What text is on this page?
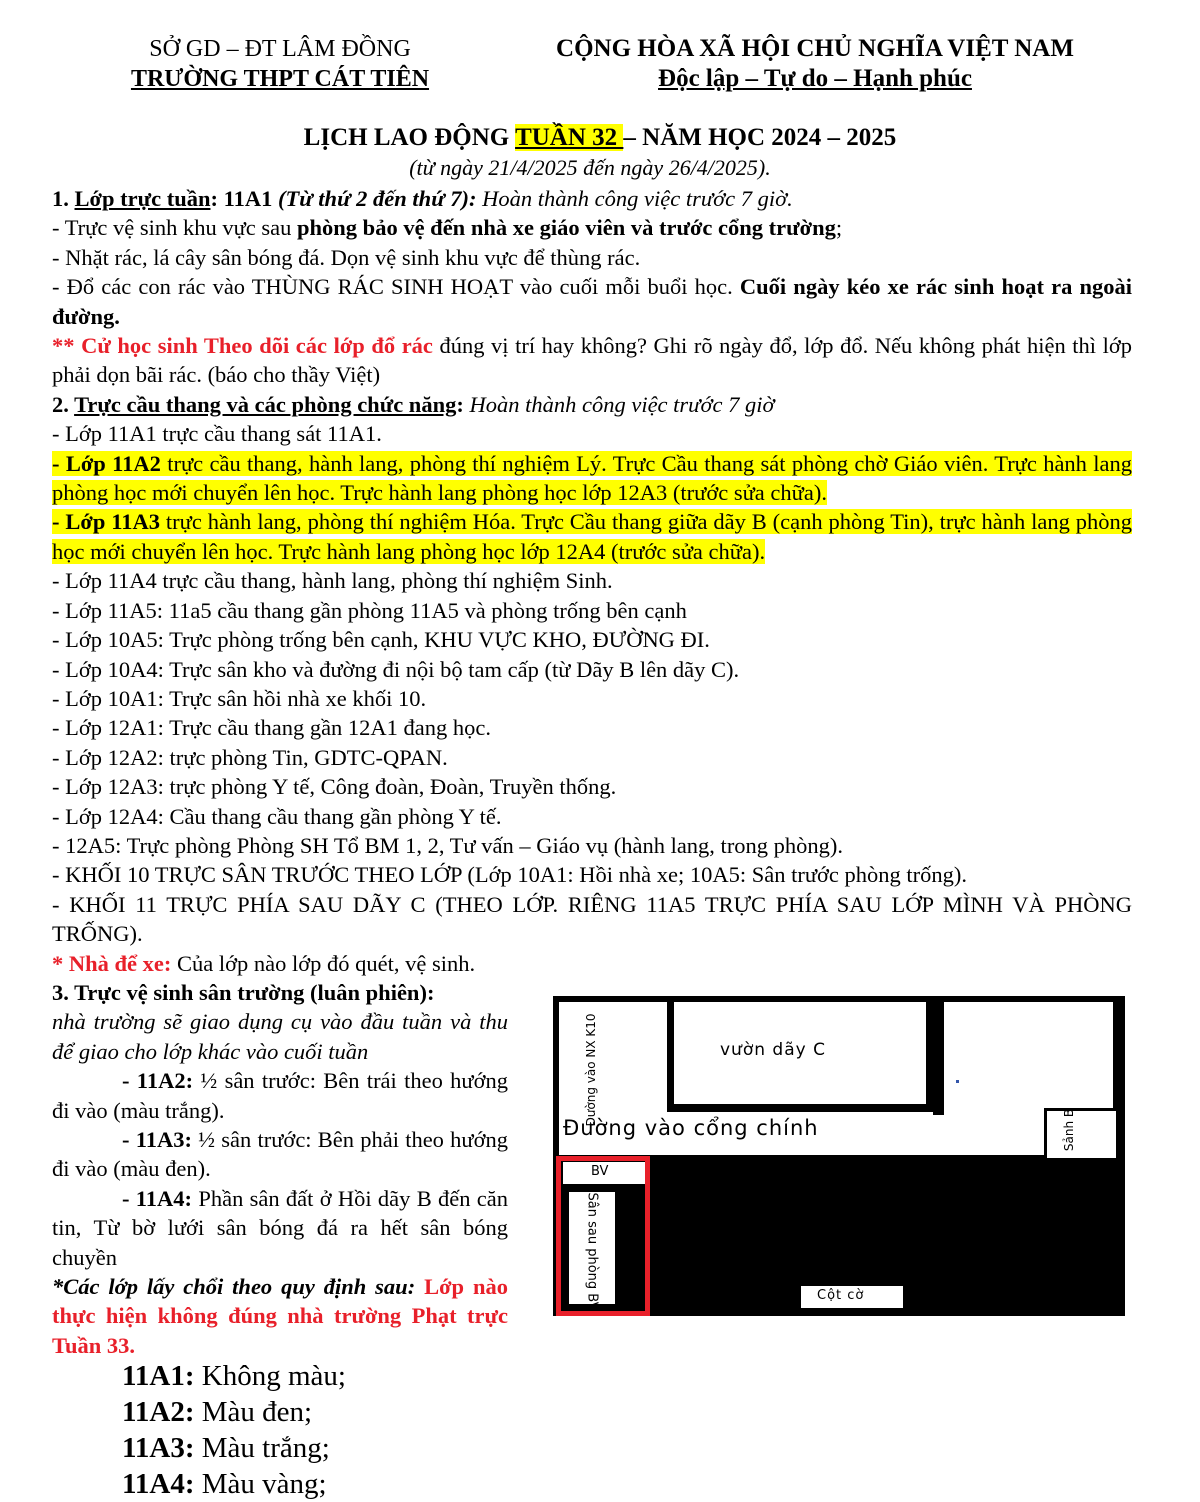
SỞ GD – ĐT LÂM ĐỒNG
TRƯỜNG THPT CÁT TIÊN
CỘNG HÒA XÃ HỘI CHỦ NGHĨA VIỆT NAM
Độc lập – Tự do – Hạnh phúc
LỊCH LAO ĐỘNG TUẦN 32 – NĂM HỌC 2024 – 2025
(từ ngày 21/4/2025 đến ngày 26/4/2025).
1. Lớp trực tuần: 11A1 (Từ thứ 2 đến thứ 7): Hoàn thành công việc trước 7 giờ.
- Trực vệ sinh khu vực sau phòng bảo vệ đến nhà xe giáo viên và trước cổng trường;
- Nhặt rác, lá cây sân bóng đá. Dọn vệ sinh khu vực để thùng rác.
- Đổ các con rác vào THÙNG RÁC SINH HOẠT vào cuối mỗi buổi học. Cuối ngày kéo xe rác sinh hoạt ra ngoài đường.
** Cử học sinh Theo dõi các lớp đổ rác đúng vị trí hay không? Ghi rõ ngày đổ, lớp đổ. Nếu không phát hiện thì lớp phải dọn bãi rác. (báo cho thầy Việt)
2. Trực cầu thang và các phòng chức năng: Hoàn thành công việc trước 7 giờ
- Lớp 11A1 trực cầu thang sát 11A1.
- Lớp 11A2 trực cầu thang, hành lang, phòng thí nghiệm Lý. Trực Cầu thang sát phòng chờ Giáo viên. Trực hành lang phòng học mới chuyển lên học. Trực hành lang phòng học lớp 12A3 (trước sửa chữa).
- Lớp 11A3 trực hành lang, phòng thí nghiệm Hóa. Trực Cầu thang giữa dãy B (cạnh phòng Tin), trực hành lang phòng học mới chuyển lên học. Trực hành lang phòng học lớp 12A4 (trước sửa chữa).
- Lớp 11A4 trực cầu thang, hành lang, phòng thí nghiệm Sinh.
- Lớp 11A5: 11a5 cầu thang gần phòng 11A5 và phòng trống bên cạnh
- Lớp 10A5: Trực phòng trống bên cạnh, KHU VỰC KHO, ĐƯỜNG ĐI.
- Lớp 10A4: Trực sân kho và đường đi nội bộ tam cấp (từ Dãy B lên dãy C).
- Lớp 10A1: Trực sân hồi nhà xe khối 10.
- Lớp 12A1: Trực cầu thang gần 12A1 đang học.
- Lớp 12A2: trực phòng Tin, GDTC-QPAN.
- Lớp 12A3: trực phòng Y tế, Công đoàn, Đoàn, Truyền thống.
- Lớp 12A4: Cầu thang cầu thang gần phòng Y tế.
- 12A5: Trực phòng Phòng SH Tổ BM 1, 2, Tư vấn – Giáo vụ (hành lang, trong phòng).
- KHỐI 10 TRỰC SÂN TRƯỚC THEO LỚP (Lớp 10A1: Hồi nhà xe; 10A5: Sân trước phòng trống).
- KHỐI 11 TRỰC PHÍA SAU DÃY C (THEO LỚP. RIÊNG 11A5 TRỰC PHÍA SAU LỚP MÌNH VÀ PHÒNG TRỐNG).
* Nhà để xe: Của lớp nào lớp đó quét, vệ sinh.
3. Trực vệ sinh sân trường (luân phiên):
nhà trường sẽ giao dụng cụ vào đầu tuần và thu để giao cho lớp khác vào cuối tuần
- 11A2: ½ sân trước: Bên trái theo hướng đi vào (màu trắng).
- 11A3: ½ sân trước: Bên phải theo hướng đi vào (màu đen).
- 11A4: Phần sân đất ở Hồi dãy B đến căn tin, Từ bờ lưới sân bóng đá ra hết sân bóng chuyền
*Các lớp lấy chổi theo quy định sau: Lớp nào thực hiện không đúng nhà trường Phạt trực Tuần 33.
11A1: Không màu;
11A2: Màu đen;
11A3: Màu trắng;
11A4: Màu vàng;
vườn dãy C
Đường vào cổng chính
Đường vào NX K10
Sảnh B
BV
Sân sau phòng BV	Cột cờ
